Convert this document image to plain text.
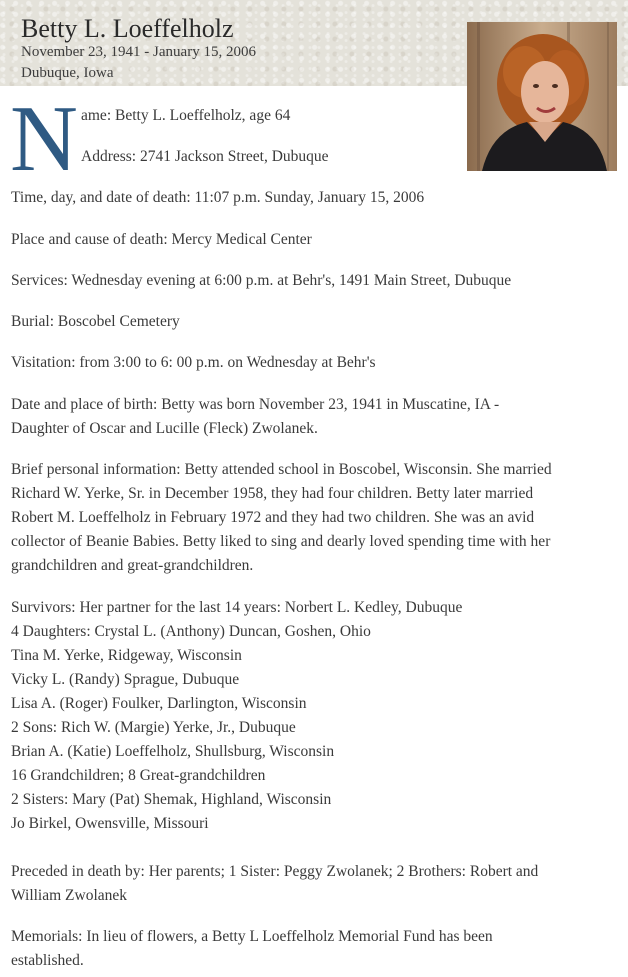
Betty L. Loeffelholz
November 23, 1941 - January 15, 2006
Dubuque, Iowa
N ame: Betty L. Loeffelholz, age 64
Address: 2741 Jackson Street, Dubuque
Time, day, and date of death: 11:07 p.m. Sunday, January 15, 2006
Place and cause of death: Mercy Medical Center
Services: Wednesday evening at 6:00 p.m. at Behr's, 1491 Main Street, Dubuque
Burial: Boscobel Cemetery
Visitation: from 3:00 to 6: 00 p.m. on Wednesday at Behr's
Date and place of birth: Betty was born November 23, 1941 in Muscatine, IA -
Daughter of Oscar and Lucille (Fleck) Zwolanek.
Brief personal information: Betty attended school in Boscobel, Wisconsin. She married
Richard W. Yerke, Sr. in December 1958, they had four children. Betty later married
Robert M. Loeffelholz in February 1972 and they had two children. She was an avid
collector of Beanie Babies. Betty liked to sing and dearly loved spending time with her
grandchildren and great-grandchildren.
Survivors: Her partner for the last 14 years: Norbert L. Kedley, Dubuque
4 Daughters: Crystal L. (Anthony) Duncan, Goshen, Ohio
Tina M. Yerke, Ridgeway, Wisconsin
Vicky L. (Randy) Sprague, Dubuque
Lisa A. (Roger) Foulker, Darlington, Wisconsin
2 Sons: Rich W. (Margie) Yerke, Jr., Dubuque
Brian A. (Katie) Loeffelholz, Shullsburg, Wisconsin
16 Grandchildren; 8 Great-grandchildren
2 Sisters: Mary (Pat) Shemak, Highland, Wisconsin
Jo Birkel, Owensville, Missouri
Preceded in death by: Her parents; 1 Sister: Peggy Zwolanek; 2 Brothers: Robert and
William Zwolanek
Memorials: In lieu of flowers, a Betty L Loeffelholz Memorial Fund has been
established.
